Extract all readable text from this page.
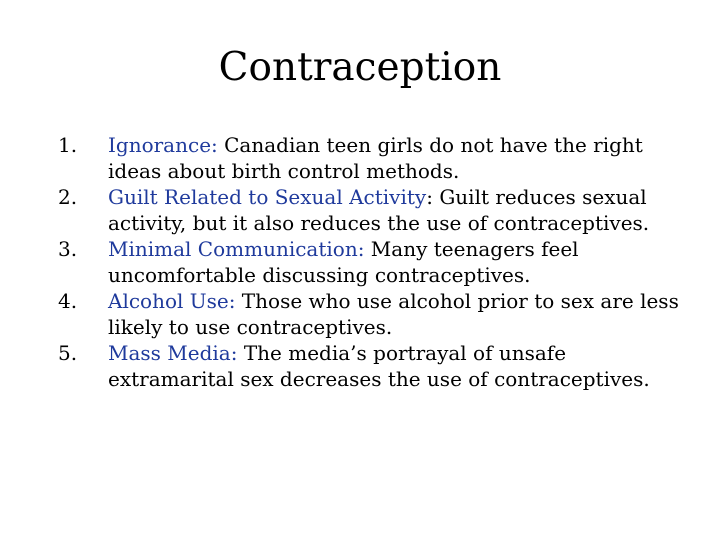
Contraception
1.	Ignorance: Canadian teen girls do not have the right ideas about birth control methods.
2.	Guilt Related to Sexual Activity: Guilt reduces sexual activity, but it also reduces the use of contraceptives.
3.	Minimal Communication: Many teenagers feel uncomfortable discussing contraceptives.
4.	Alcohol Use: Those who use alcohol prior to sex are less likely to use contraceptives.
5.	Mass Media: The media’s portrayal of unsafe extramarital sex decreases the use of contraceptives.
